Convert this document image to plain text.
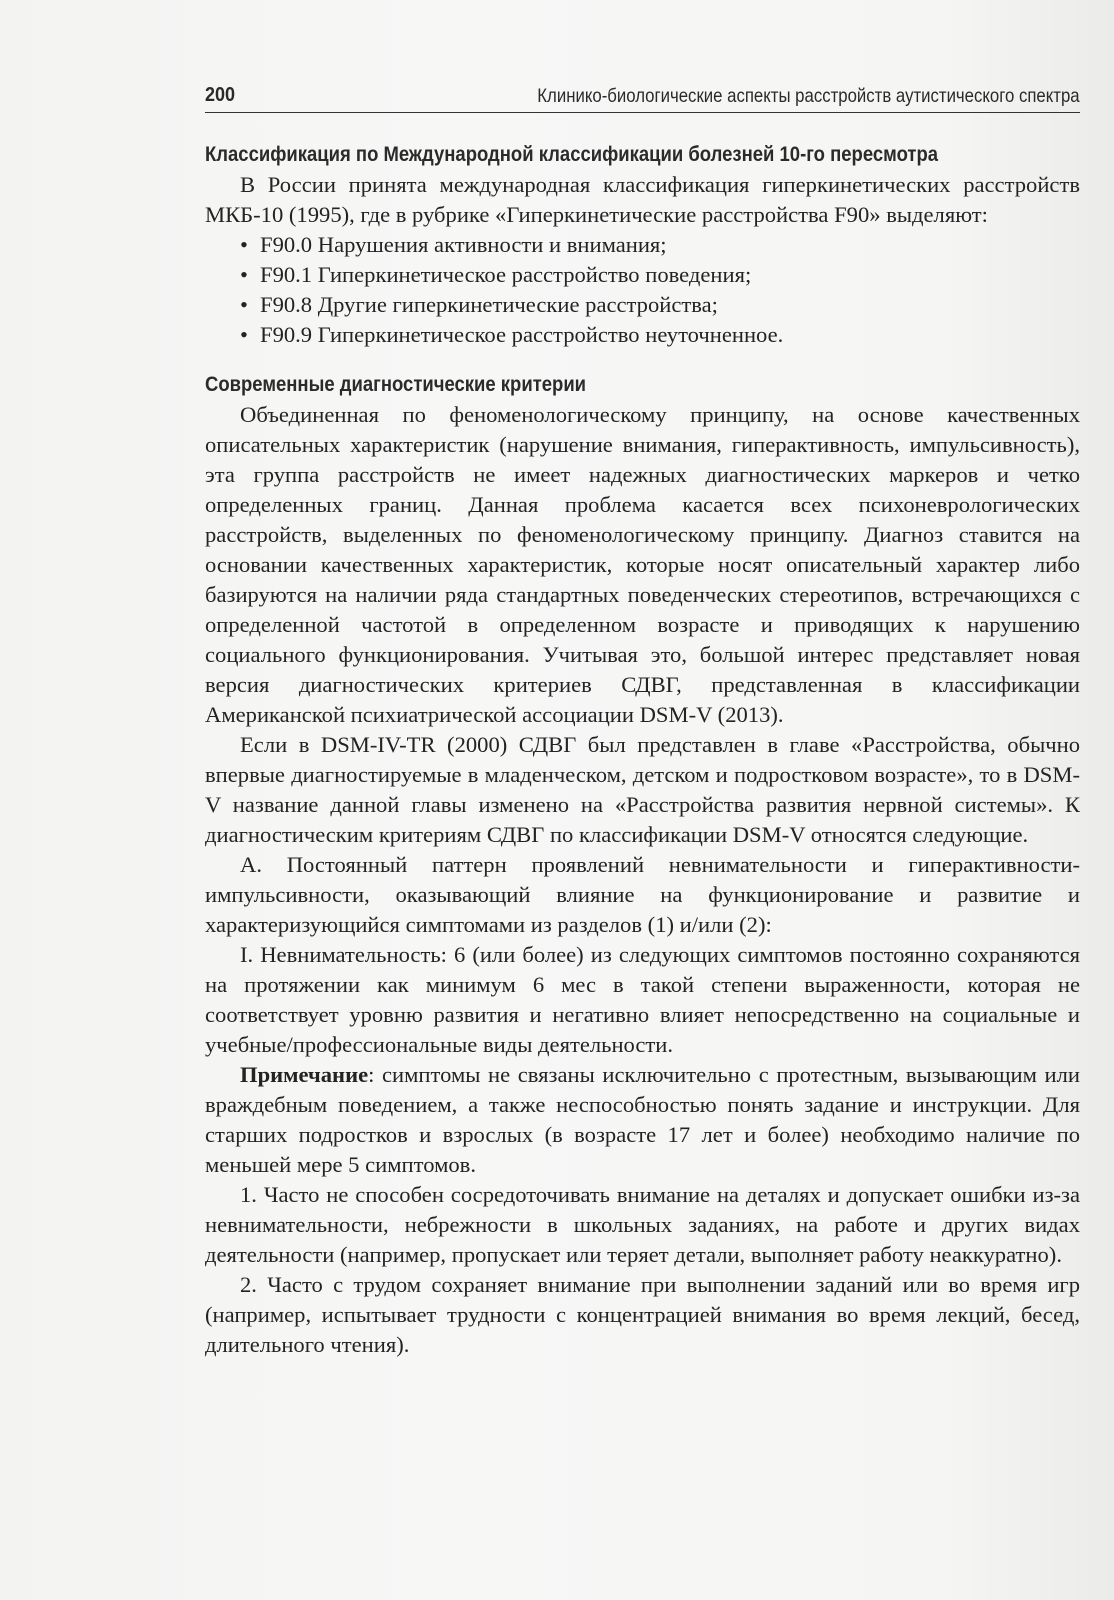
200	Клинико-биологические аспекты расстройств аутистического спектра
Классификация по Международной классификации болезней 10-го пересмотра

В России принята международная классификация гиперкинетических расстройств МКБ-10 (1995), где в рубрике «Гиперкинетические расстройства F90» выделяют:

• F90.0 Нарушения активности и внимания;
• F90.1 Гиперкинетическое расстройство поведения;
• F90.8 Другие гиперкинетические расстройства;
• F90.9 Гиперкинетическое расстройство неуточненное.
Современные диагностические критерии

Объединенная по феноменологическому принципу, на основе качественных описательных характеристик (нарушение внимания, гиперактивность, импульсивность), эта группа расстройств не имеет надежных диагностических маркеров и четко определенных границ. Данная проблема касается всех психоневрологических расстройств, выделенных по феноменологическому принципу. Диагноз ставится на основании качественных характеристик, которые носят описательный характер либо базируются на наличии ряда стандартных поведенческих стереотипов, встречающихся с определенной частотой в определенном возрасте и приводящих к нарушению социального функционирования. Учитывая это, большой интерес представляет новая версия диагностических критериев СДВГ, представленная в классификации Американской психиатрической ассоциации DSM-V (2013).

Если в DSM-IV-TR (2000) СДВГ был представлен в главе «Расстройства, обычно впервые диагностируемые в младенческом, детском и подростковом возрасте», то в DSM-V название данной главы изменено на «Расстройства развития нервной системы». К диагностическим критериям СДВГ по классификации DSM-V относятся следующие.

А. Постоянный паттерн проявлений невнимательности и гиперактивности-импульсивности, оказывающий влияние на функционирование и развитие и характеризующийся симптомами из разделов (1) и/или (2):

I. Невнимательность: 6 (или более) из следующих симптомов постоянно сохраняются на протяжении как минимум 6 мес в такой степени выраженности, которая не соответствует уровню развития и негативно влияет непосредственно на социальные и учебные/профессиональные виды деятельности.

Примечание: симптомы не связаны исключительно с протестным, вызывающим или враждебным поведением, а также неспособностью понять задание и инструкции. Для старших подростков и взрослых (в возрасте 17 лет и более) необходимо наличие по меньшей мере 5 симптомов.

1. Часто не способен сосредоточивать внимание на деталях и допускает ошибки из-за невнимательности, небрежности в школьных заданиях, на работе и других видах деятельности (например, пропускает или теряет детали, выполняет работу неаккуратно).

2. Часто с трудом сохраняет внимание при выполнении заданий или во время игр (например, испытывает трудности с концентрацией внимания во время лекций, бесед, длительного чтения).
